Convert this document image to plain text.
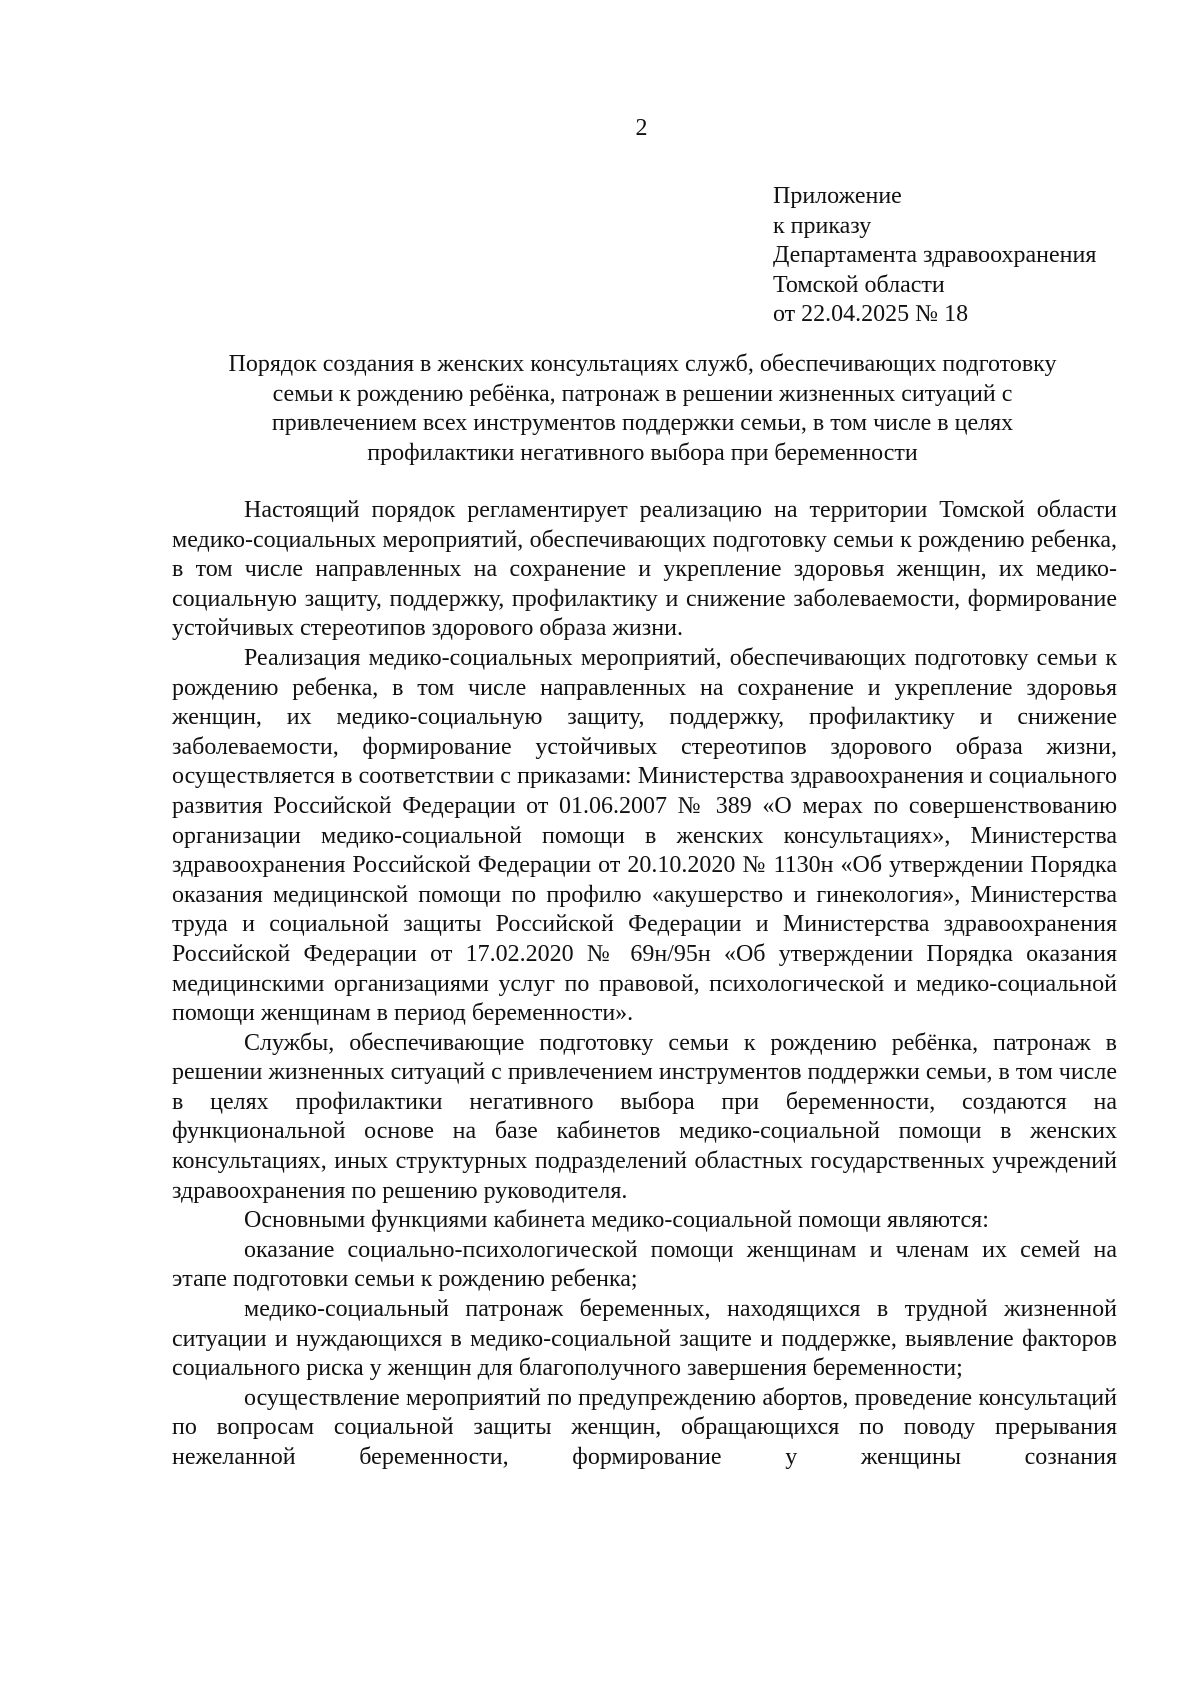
2
Приложение
к приказу
Департамента здравоохранения
Томской области
от 22.04.2025 № 18
Порядок создания в женских консультациях служб, обеспечивающих подготовку
семьи к рождению ребёнка, патронаж в решении жизненных ситуаций с
привлечением всех инструментов поддержки семьи, в том числе в целях
профилактики негативного выбора при беременности

Настоящий порядок регламентирует реализацию на территории Томской области медико-социальных мероприятий, обеспечивающих подготовку семьи к рождению ребенка, в том числе направленных на сохранение и укрепление здоровья женщин, их медико-социальную защиту, поддержку, профилактику и снижение заболеваемости, формирование устойчивых стереотипов здорового образа жизни.

Реализация медико-социальных мероприятий, обеспечивающих подготовку семьи к рождению ребенка, в том числе направленных на сохранение и укрепление здоровья женщин, их медико-социальную защиту, поддержку, профилактику и снижение заболеваемости, формирование устойчивых стереотипов здорового образа жизни, осуществляется в соответствии с приказами: Министерства здравоохранения и социального развития Российской Федерации от 01.06.2007 № 389 «О мерах по совершенствованию организации медико-социальной помощи в женских консультациях», Министерства здравоохранения Российской Федерации от 20.10.2020 № 1130н «Об утверждении Порядка оказания медицинской помощи по профилю «акушерство и гинекология», Министерства труда и социальной защиты Российской Федерации и Министерства здравоохранения Российской Федерации от 17.02.2020 № 69н/95н «Об утверждении Порядка оказания медицинскими организациями услуг по правовой, психологической и медико-социальной помощи женщинам в период беременности».

Службы, обеспечивающие подготовку семьи к рождению ребёнка, патронаж в решении жизненных ситуаций с привлечением инструментов поддержки семьи, в том числе в целях профилактики негативного выбора при беременности, создаются на функциональной основе на базе кабинетов медико-социальной помощи в женских консультациях, иных структурных подразделений областных государственных учреждений здравоохранения по решению руководителя.

Основными функциями кабинета медико-социальной помощи являются:

оказание социально-психологической помощи женщинам и членам их семей на этапе подготовки семьи к рождению ребенка;

медико-социальный патронаж беременных, находящихся в трудной жизненной ситуации и нуждающихся в медико-социальной защите и поддержке, выявление факторов социального риска у женщин для благополучного завершения беременности;

осуществление мероприятий по предупреждению абортов, проведение консультаций по вопросам социальной защиты женщин, обращающихся по поводу прерывания нежеланной беременности, формирование у женщины сознания
